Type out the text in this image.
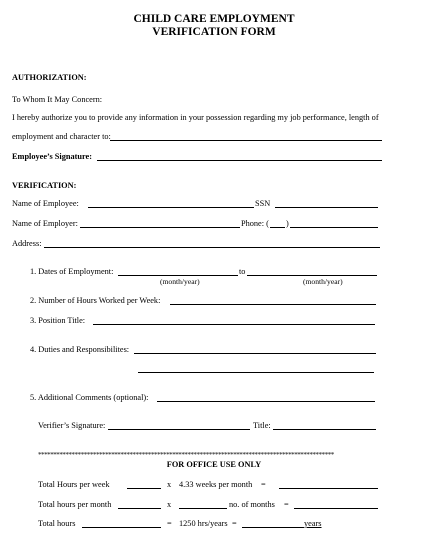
CHILD CARE EMPLOYMENT
VERIFICATION FORM
AUTHORIZATION:
To Whom It May Concern:
I hereby authorize you to provide any information in your possession regarding my job performance, length of
employment and character to:
Employee’s Signature:
VERIFICATION:
Name of Employee:	SSN
Name of Employer:	Phone: ( )
Address:
1. Dates of Employment:	to
(month/year)	(month/year)
2. Number of Hours Worked per Week:
3. Position Title:
4. Duties and Responsibilites:
5. Additional Comments (optional):
Verifier’s Signature:	Title:
*************************************************************************************************
FOR OFFICE USE ONLY
Total Hours per week	x 4.33 weeks per month =
Total hours per month	x	no. of months =
Total hours	= 1250 hrs/years =	years
